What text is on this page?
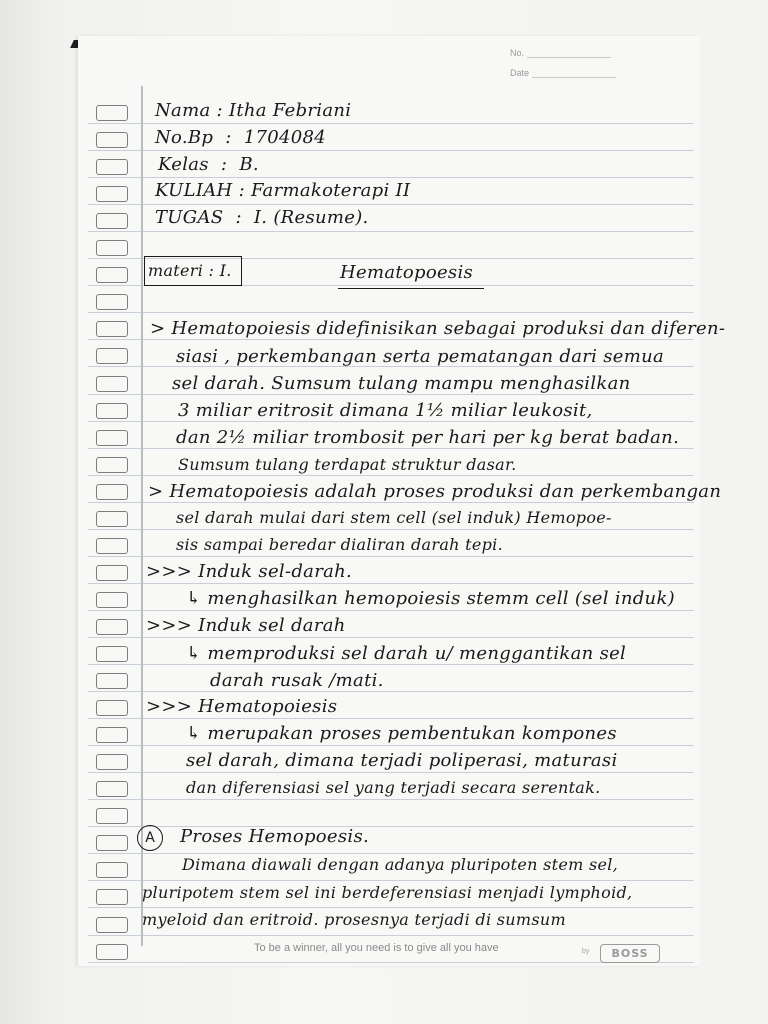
No.
Date
Nama : Itha Febriani
No.Bp : 1704084
Kelas : B.
KULIAH : Farmakoterapi II
TUGAS : I. (Resume).
materi : I.	Hematopoesis
> Hematopoiesis didefinisikan sebagai produksi dan diferen-
siasi , perkembangan serta pematangan dari semua
sel darah. Sumsum tulang mampu menghasilkan
3 miliar eritrosit dimana 1½ miliar leukosit,
dan 2½ miliar trombosit per hari per kg berat badan.
Sumsum tulang terdapat struktur dasar.
> Hematopoiesis adalah proses produksi dan perkembangan
sel darah mulai dari stem cell (sel induk) Hemopoe-
sis sampai beredar dialiran darah tepi.
>>> Induk sel-darah.
↳ menghasilkan hemopoiesis stemm cell (sel induk)
>>> Induk sel darah
↳ memproduksi sel darah u/ menggantikan sel
darah rusak /mati.
>>> Hematopoiesis
↳ merupakan proses pembentukan kompones
sel darah, dimana terjadi poliperasi, maturasi
dan diferensiasi sel yang terjadi secara serentak.
A	Proses Hemopoesis.
Dimana diawali dengan adanya pluripoten stem sel,
pluripotem stem sel ini berdeferensiasi menjadi lymphoid,
myeloid dan eritroid. prosesnya terjadi di sumsum
To be a winner, all you need is to give all you have	by	BOSS
